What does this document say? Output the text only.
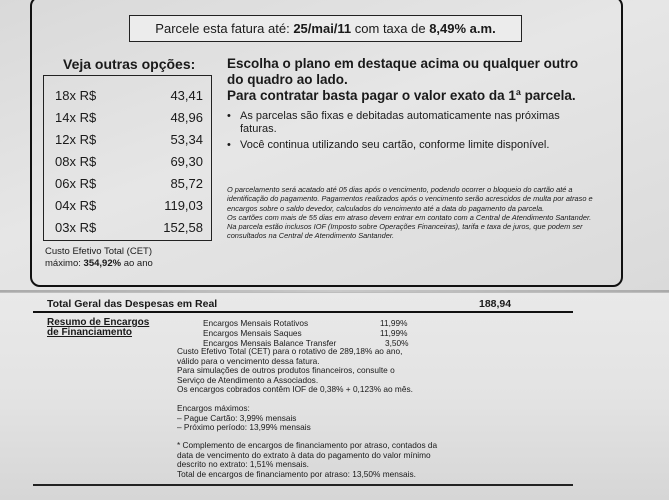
Parcele esta fatura até: 25/mai/11 com taxa de 8,49% a.m.
Veja outras opções:
18x R$	43,41
14x R$	48,96
12x R$	53,34
08x R$	69,30
06x R$	85,72
04x R$	119,03
03x R$	152,58
Custo Efetivo Total (CET)
máximo: 354,92% ao ano
Escolha o plano em destaque acima ou qualquer outro do quadro ao lado.
Para contratar basta pagar o valor exato da 1ª parcela.
• As parcelas são fixas e debitadas automaticamente nas próximas faturas.
• Você continua utilizando seu cartão, conforme limite disponível.
O parcelamento será acatado até 05 dias após o vencimento, podendo ocorrer o bloqueio do cartão até a identificação do pagamento. Pagamentos realizados após o vencimento serão acrescidos de multa por atraso e encargos sobre o saldo devedor, calculados do vencimento até a data do pagamento da parcela.
Os cartões com mais de 55 dias em atraso devem entrar em contato com a Central de Atendimento Santander.
Na parcela estão inclusos IOF (Imposto sobre Operações Financeiras), tarifa e taxa de juros, que podem ser consultados na Central de Atendimento Santander.
Total Geral das Despesas em Real	188,94
Resumo de Encargos
de Financiamento
Encargos Mensais Rotativos	11,99%
Encargos Mensais Saques	11,99%
Encargos Mensais Balance Transfer	3,50%
Custo Efetivo Total (CET) para o rotativo de 289,18% ao ano,
válido para o vencimento dessa fatura.
Para simulações de outros produtos financeiros, consulte o
Serviço de Atendimento a Associados.
Os encargos cobrados contêm IOF de 0,38% + 0,123% ao mês.
Encargos máximos:
– Pague Cartão: 3,99% mensais
– Próximo período: 13,99% mensais
* Complemento de encargos de financiamento por atraso, contados da
data de vencimento do extrato à data do pagamento do valor mínimo
descrito no extrato: 1,51% mensais.
Total de encargos de financiamento por atraso: 13,50% mensais.
